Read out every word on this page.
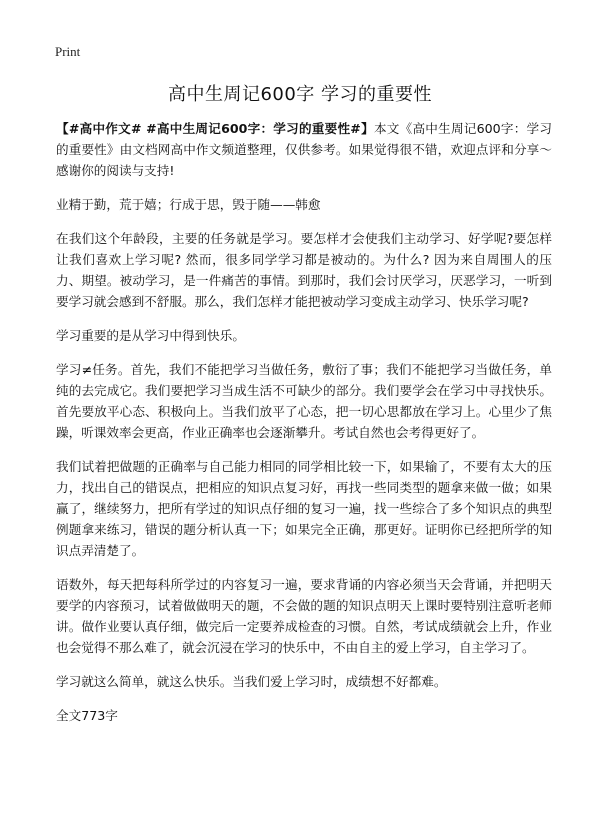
Print
高中生周记600字 学习的重要性

【#高中作文# #高中生周记600字：学习的重要性#】本文《高中生周记600字：学习的重要性》由文档网高中作文频道整理，仅供参考。如果觉得很不错，欢迎点评和分享～感谢你的阅读与支持!

业精于勤，荒于嬉；行成于思，毁于随——韩愈

在我们这个年龄段，主要的任务就是学习。要怎样才会使我们主动学习、好学呢?要怎样让我们喜欢上学习呢? 然而，很多同学学习都是被动的。为什么? 因为来自周围人的压力、期望。被动学习，是一件痛苦的事情。到那时，我们会讨厌学习，厌恶学习，一听到要学习就会感到不舒服。那么，我们怎样才能把被动学习变成主动学习、快乐学习呢?

学习重要的是从学习中得到快乐。

学习≠任务。首先，我们不能把学习当做任务，敷衍了事；我们不能把学习当做任务，单纯的去完成它。我们要把学习当成生活不可缺少的部分。我们要学会在学习中寻找快乐。首先要放平心态、积极向上。当我们放平了心态，把一切心思都放在学习上。心里少了焦躁，听课效率会更高，作业正确率也会逐渐攀升。考试自然也会考得更好了。

我们试着把做题的正确率与自己能力相同的同学相比较一下，如果输了，不要有太大的压力，找出自己的错误点，把相应的知识点复习好，再找一些同类型的题拿来做一做；如果赢了，继续努力，把所有学过的知识点仔细的复习一遍，找一些综合了多个知识点的典型例题拿来练习，错误的题分析认真一下；如果完全正确，那更好。证明你已经把所学的知识点弄清楚了。

语数外，每天把每科所学过的内容复习一遍，要求背诵的内容必须当天会背诵，并把明天要学的内容预习，试着做做明天的题，不会做的题的知识点明天上课时要特别注意听老师讲。做作业要认真仔细，做完后一定要养成检查的习惯。自然，考试成绩就会上升，作业也会觉得不那么难了，就会沉浸在学习的快乐中，不由自主的爱上学习，自主学习了。

学习就这么简单，就这么快乐。当我们爱上学习时，成绩想不好都难。

全文773字
